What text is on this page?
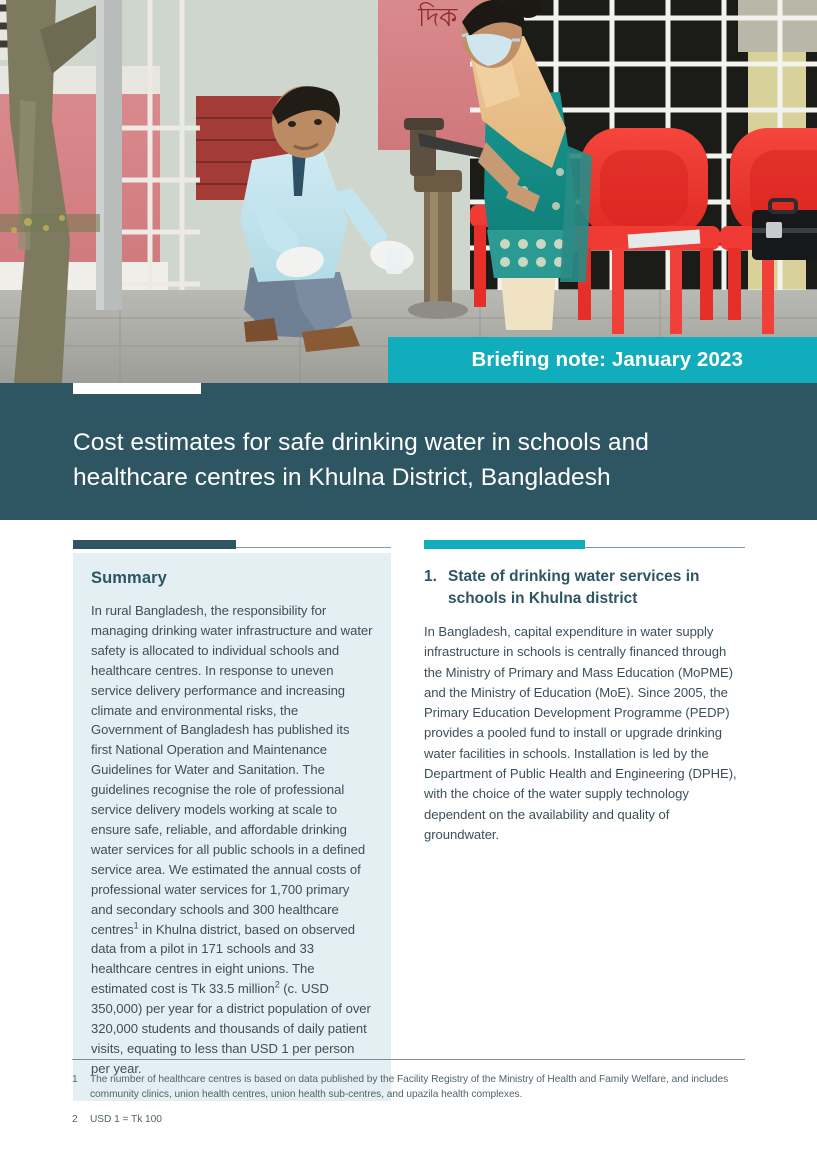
দিক
Briefing note: January 2023
Cost estimates for safe drinking water in schools and healthcare centres in Khulna District, Bangladesh
Summary

In rural Bangladesh, the responsibility for managing drinking water infrastructure and water safety is allocated to individual schools and healthcare centres. In response to uneven service delivery performance and increasing climate and environmental risks, the Government of Bangladesh has published its first National Operation and Maintenance Guidelines for Water and Sanitation. The guidelines recognise the role of professional service delivery models working at scale to ensure safe, reliable, and affordable drinking water services for all public schools in a defined service area. We estimated the annual costs of professional water services for 1,700 primary and secondary schools and 300 healthcare centres$^1$ in Khulna district, based on observed data from a pilot in 171 schools and 33 healthcare centres in eight unions. The estimated cost is Tk 33.5 million$^2$ (c. USD 350,000) per year for a district population of over 320,000 students and thousands of daily patient visits, equating to less than USD 1 per person per year.

1. State of drinking water services in schools in Khulna district

In Bangladesh, capital expenditure in water supply infrastructure in schools is centrally financed through the Ministry of Primary and Mass Education (MoPME) and the Ministry of Education (MoE). Since 2005, the Primary Education Development Programme (PEDP) provides a pooled fund to install or upgrade drinking water facilities in schools. Installation is led by the Department of Public Health and Engineering (DPHE), with the choice of the water supply technology dependent on the availability and quality of groundwater.

1	The number of healthcare centres is based on data published by the Facility Registry of the Ministry of Health and Family Welfare, and includes community clinics, union health centres, union health sub-centres, and upazila health complexes.
2	USD 1 = Tk 100
